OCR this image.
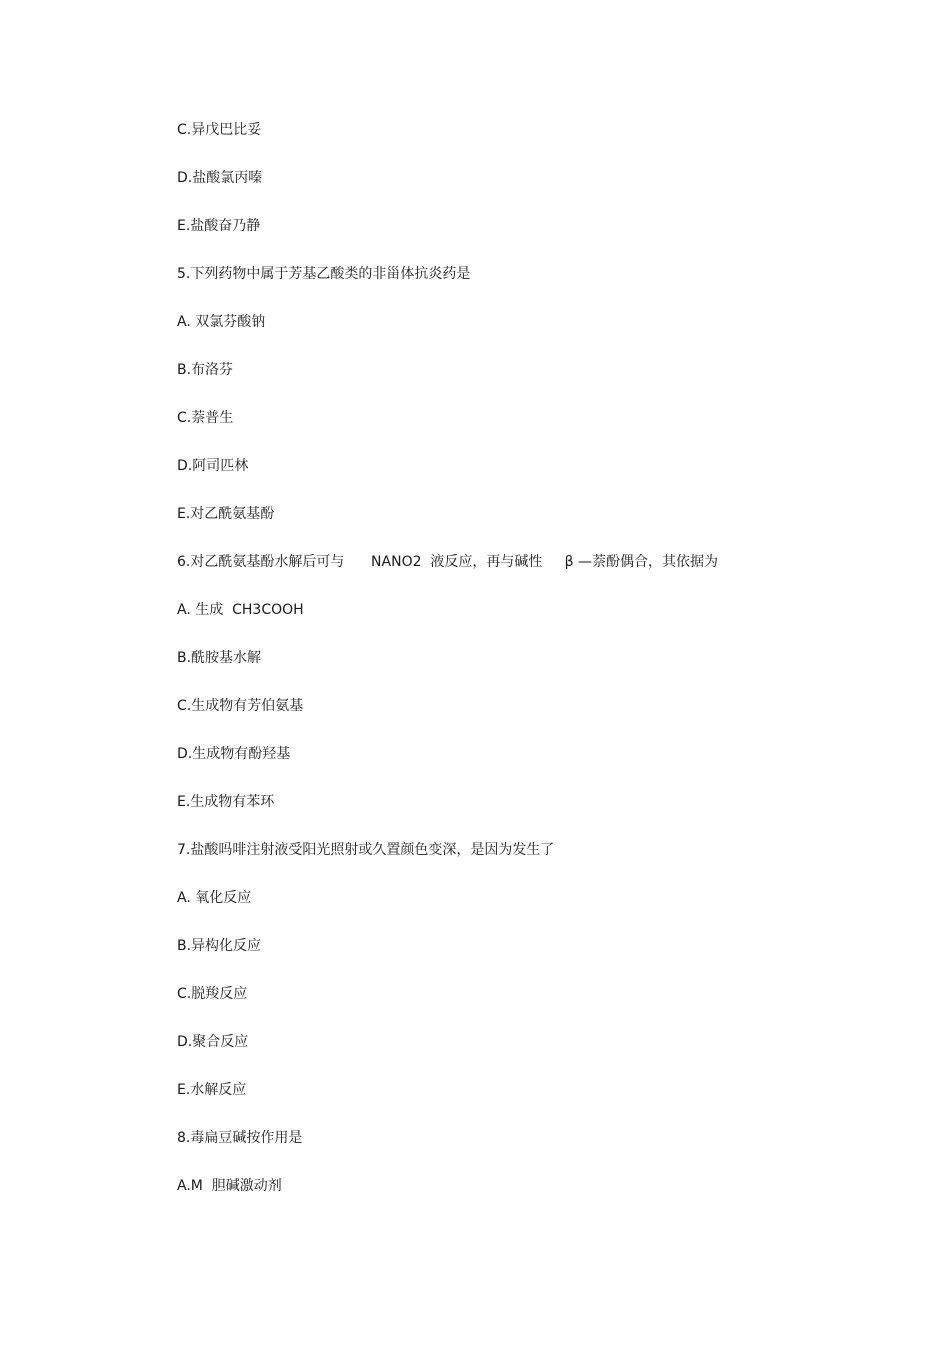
C.异戊巴比妥
D.盐酸氯丙嗪
E.盐酸奋乃静
5.下列药物中属于芳基乙酸类的非甾体抗炎药是
A. 双氯芬酸钠
B.布洛芬
C.萘普生
D.阿司匹林
E.对乙酰氨基酚
6.对乙酰氨基酚水解后可与      NANO2  液反应，再与碱性     β —萘酚偶合，其依据为
A. 生成  CH3COOH
B.酰胺基水解
C.生成物有芳伯氨基
D.生成物有酚羟基
E.生成物有苯环
7.盐酸吗啡注射液受阳光照射或久置颜色变深，是因为发生了
A. 氧化反应
B.异构化反应
C.脱羧反应
D.聚合反应
E.水解反应
8.毒扁豆碱按作用是
A.M  胆碱激动剂
